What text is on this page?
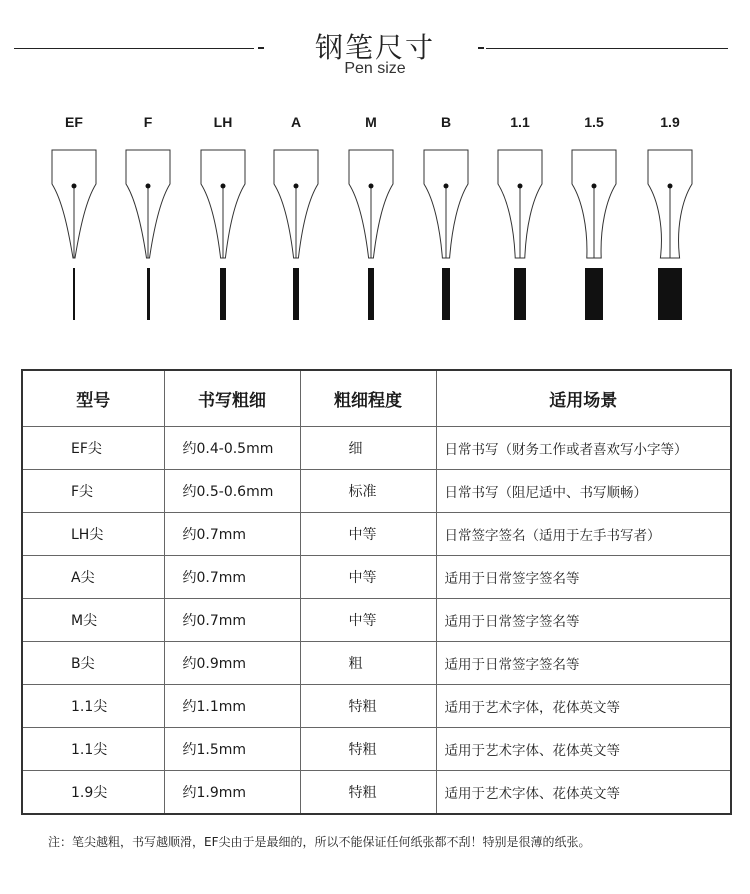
钢笔尺寸
Pen size
EF	F	LH	A	M	B	1.1	1.5	1.9
型号	书写粗细	粗细程度	适用场景
EF尖	约0.4-0.5mm	细	日常书写（财务工作或者喜欢写小字等）
F尖	约0.5-0.6mm	标准	日常书写（阻尼适中、书写顺畅）
LH尖	约0.7mm	中等	日常签字签名（适用于左手书写者）
A尖	约0.7mm	中等	适用于日常签字签名等
M尖	约0.7mm	中等	适用于日常签字签名等
B尖	约0.9mm	粗	适用于日常签字签名等
1.1尖	约1.1mm	特粗	适用于艺术字体，花体英文等
1.1尖	约1.5mm	特粗	适用于艺术字体、花体英文等
1.9尖	约1.9mm	特粗	适用于艺术字体、花体英文等
注：笔尖越粗，书写越顺滑，EF尖由于是最细的，所以不能保证任何纸张都不刮！特别是很薄的纸张。
